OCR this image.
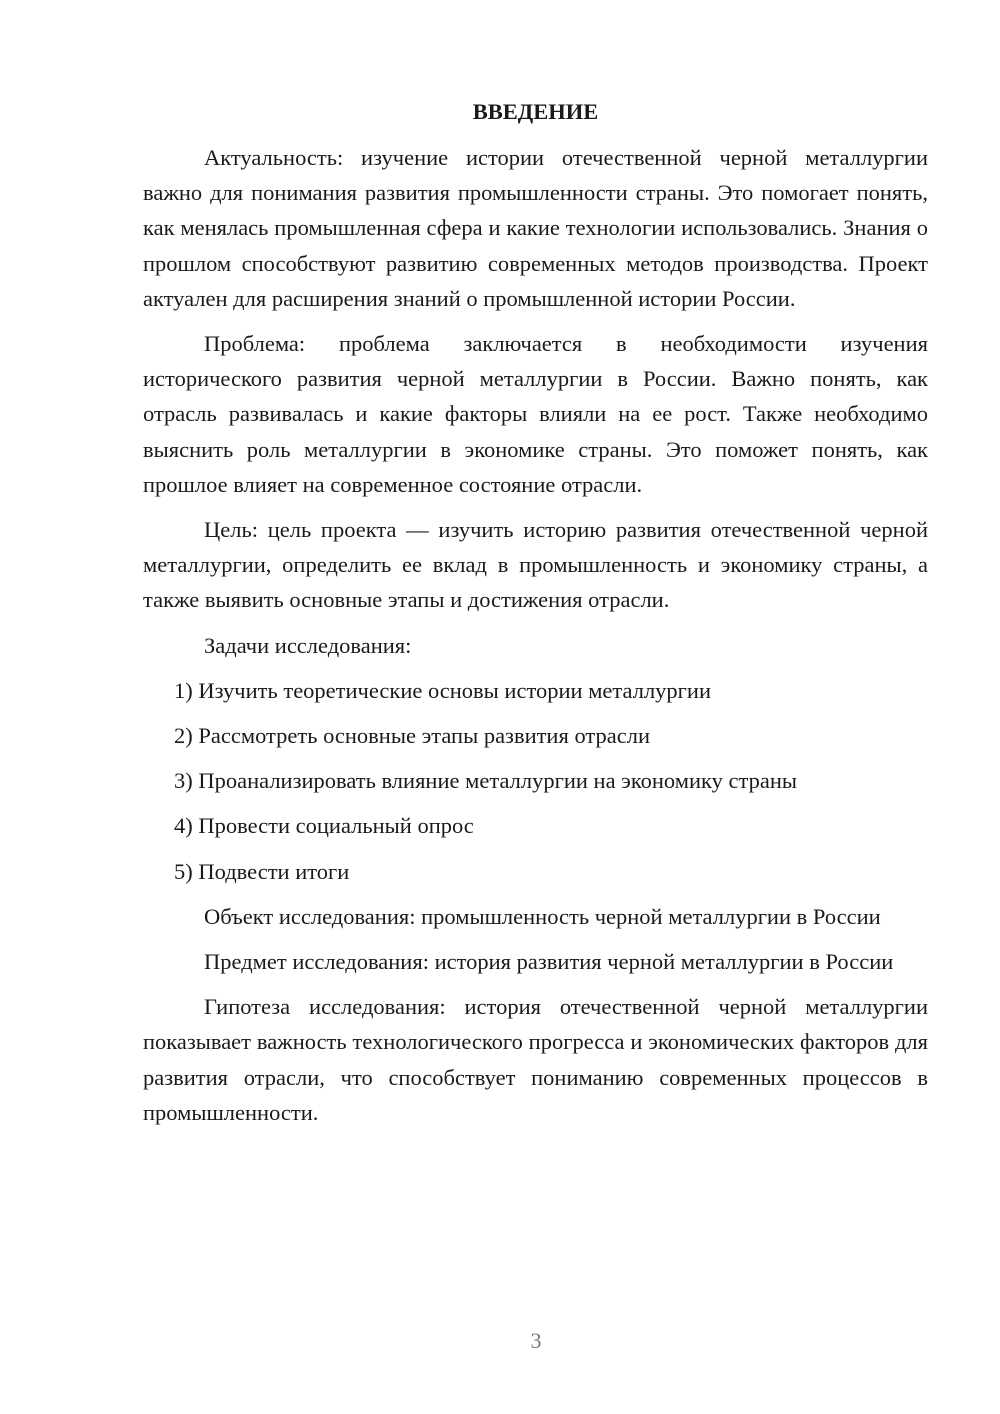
ВВЕДЕНИЕ

Актуальность: изучение истории отечественной черной металлургии важно для понимания развития промышленности страны. Это помогает понять, как менялась промышленная сфера и какие технологии использовались. Знания о прошлом способствуют развитию современных методов производства. Проект актуален для расширения знаний о промышленной истории России.

Проблема: проблема заключается в необходимости изучения исторического развития черной металлургии в России. Важно понять, как отрасль развивалась и какие факторы влияли на ее рост. Также необходимо выяснить роль металлургии в экономике страны. Это поможет понять, как прошлое влияет на современное состояние отрасли.

Цель: цель проекта — изучить историю развития отечественной черной металлургии, определить ее вклад в промышленность и экономику страны, а также выявить основные этапы и достижения отрасли.

Задачи исследования:

1) Изучить теоретические основы истории металлургии

2) Рассмотреть основные этапы развития отрасли

3) Проанализировать влияние металлургии на экономику страны

4) Провести социальный опрос

5) Подвести итоги

Объект исследования: промышленность черной металлургии в России

Предмет исследования: история развития черной металлургии в России

Гипотеза исследования: история отечественной черной металлургии показывает важность технологического прогресса и экономических факторов для развития отрасли, что способствует пониманию современных процессов в промышленности.

3
